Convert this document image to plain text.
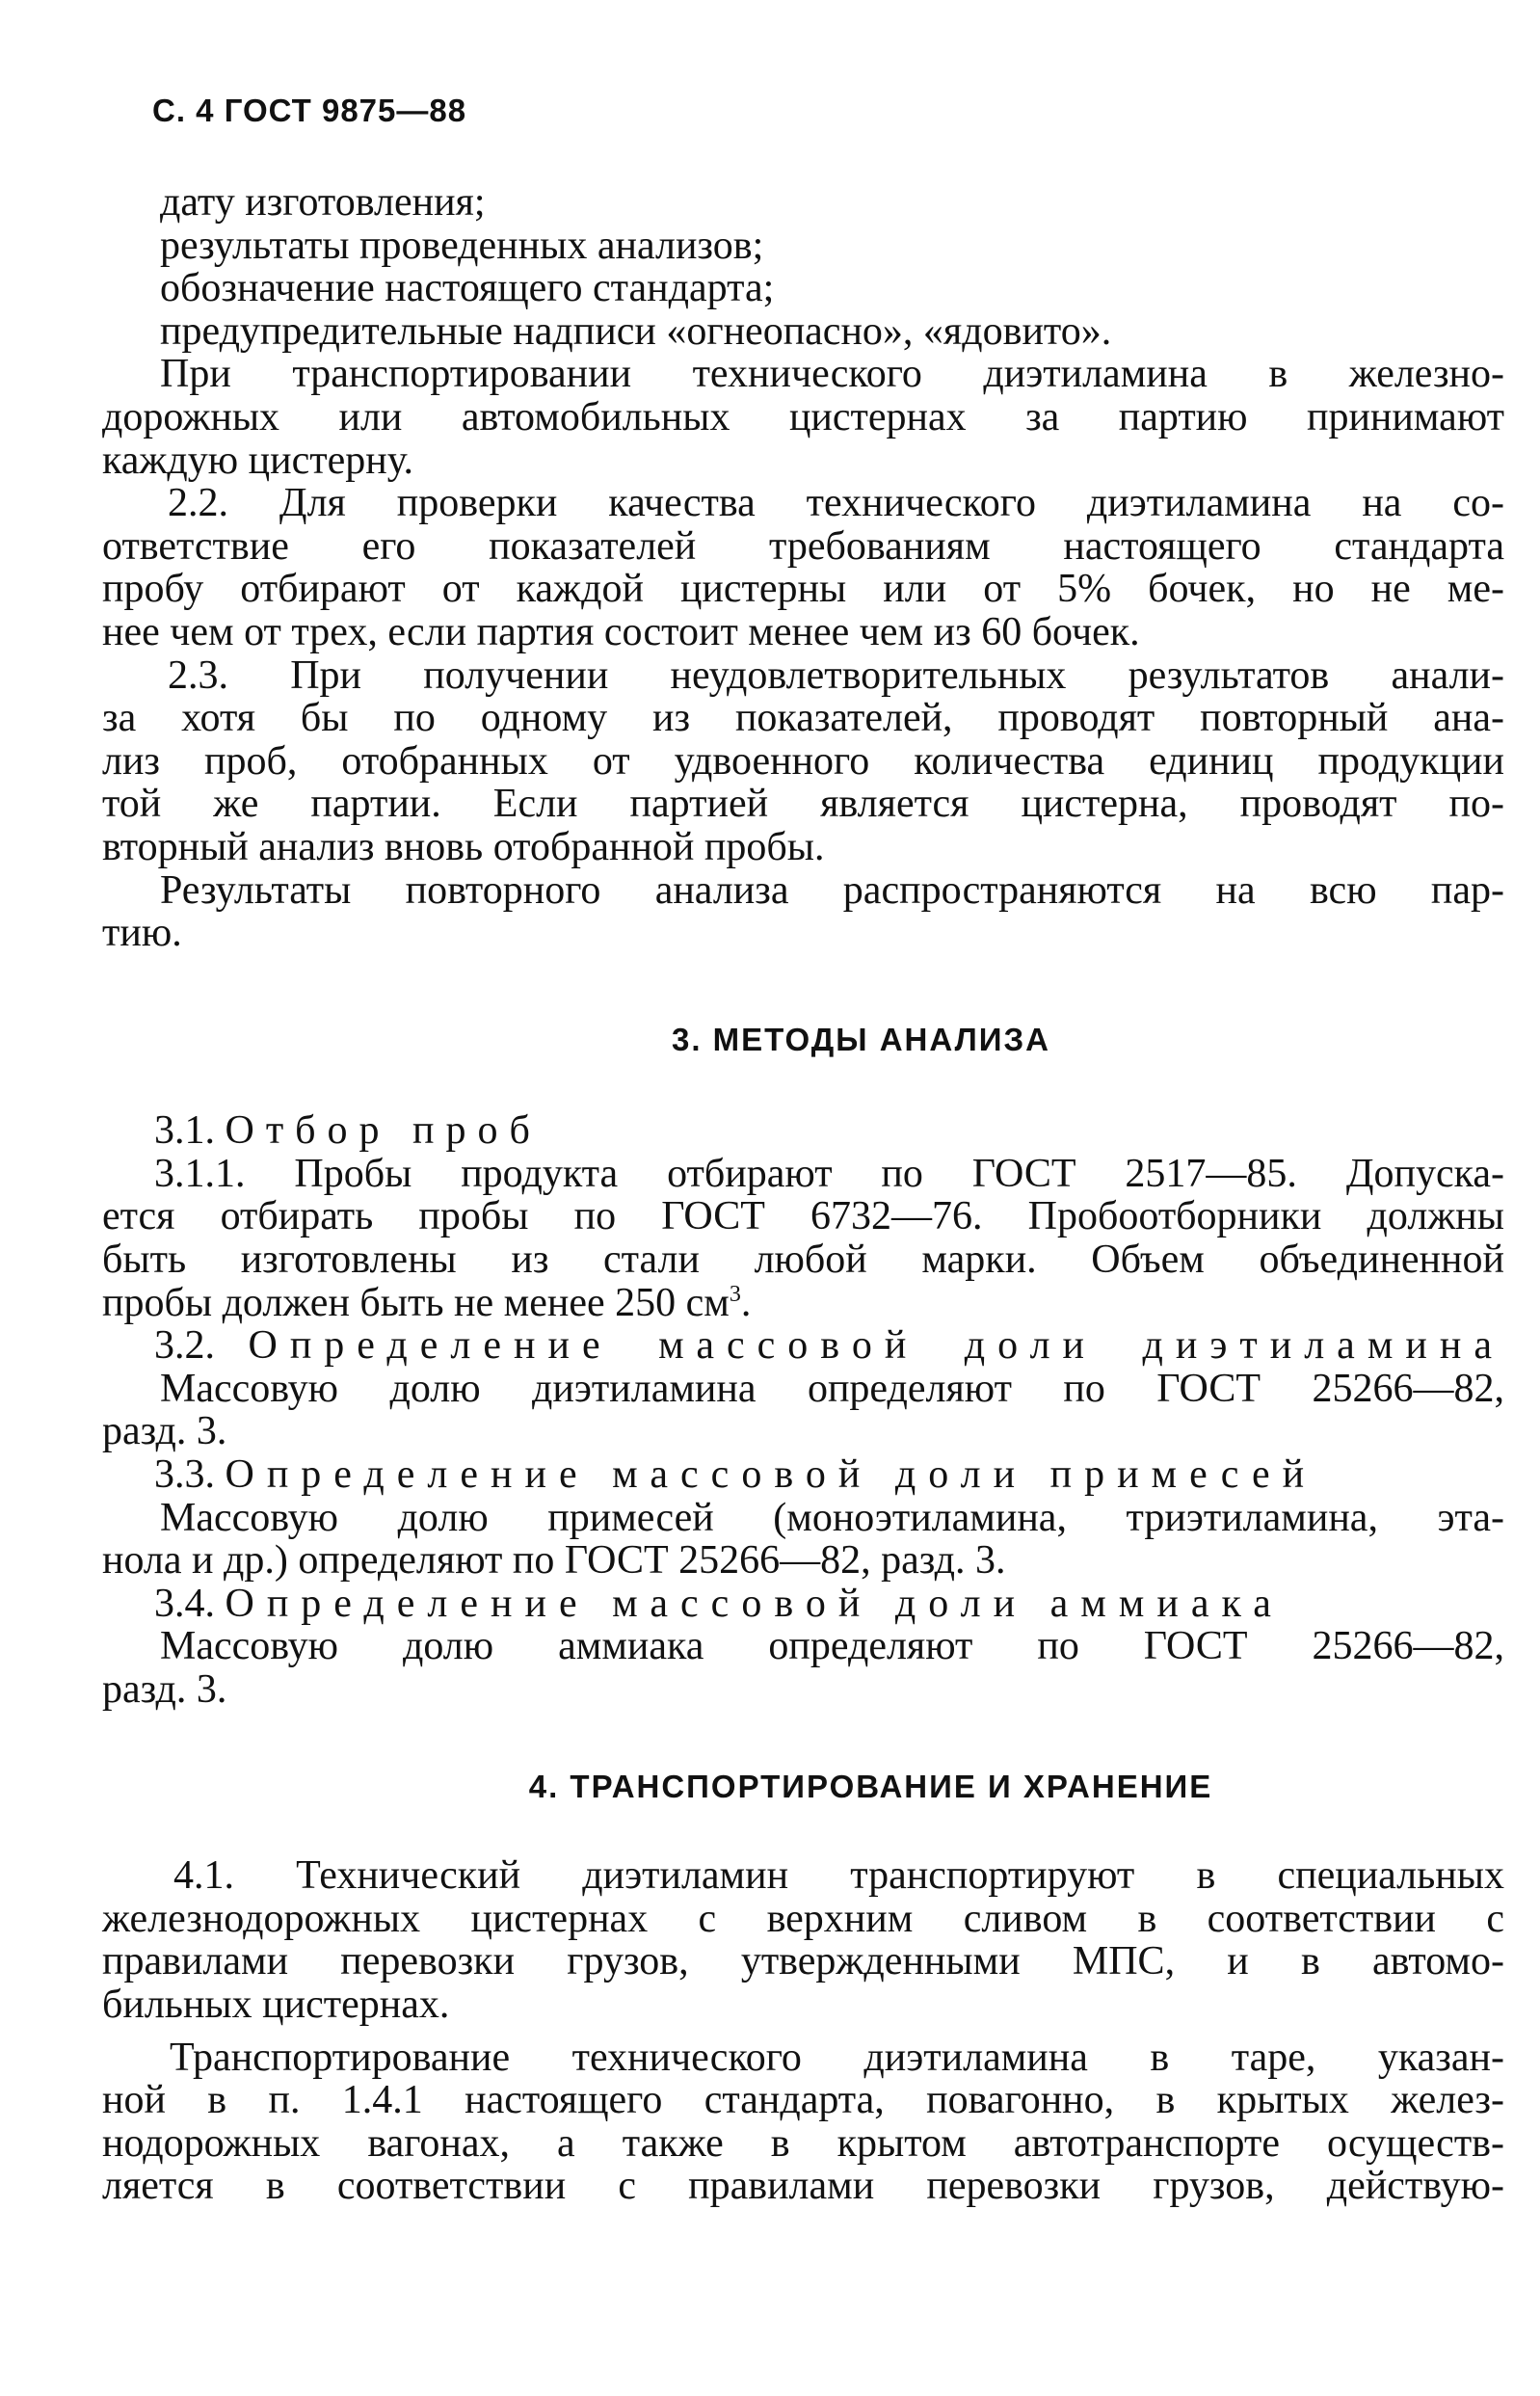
С. 4 ГОСТ 9875—88
дату изготовления;
результаты проведенных анализов;
обозначение настоящего стандарта;
предупредительные надписи «огнеопасно», «ядовито».
При транспортировании технического диэтиламина в железно-
дорожных или автомобильных цистернах за партию принимают
каждую цистерну.
2.2. Для проверки качества технического диэтиламина на со-
ответствие его показателей требованиям настоящего стандарта
пробу отбирают от каждой цистерны или от 5% бочек, но не ме-
нее чем от трех, если партия состоит менее чем из 60 бочек.
2.3. При получении неудовлетворительных результатов анали-
за хотя бы по одному из показателей, проводят повторный ана-
лиз проб, отобранных от удвоенного количества единиц продукции
той же партии. Если партией является цистерна, проводят по-
вторный анализ вновь отобранной пробы.
Результаты повторного анализа распространяются на всю пар-
тию.
3. МЕТОДЫ АНАЛИЗА
3.1. Отбор проб
3.1.1. Пробы продукта отбирают по ГОСТ 2517—85. Допуска-
ется отбирать пробы по ГОСТ 6732—76. Пробоотборники должны
быть изготовлены из стали любой марки. Объем объединенной
пробы должен быть не менее 250 $см^3$.
3.2. Определение массовой доли диэтиламина
Массовую долю диэтиламина определяют по ГОСТ 25266—82,
разд. 3.
3.3. Определение массовой доли примесей
Массовую долю примесей (моноэтиламина, триэтиламина, эта-
нола и др.) определяют по ГОСТ 25266—82, разд. 3.
3.4. Определение массовой доли аммиака
Массовую долю аммиака определяют по ГОСТ 25266—82,
разд. 3.
4. ТРАНСПОРТИРОВАНИЕ И ХРАНЕНИЕ
4.1. Технический диэтиламин транспортируют в специальных
железнодорожных цистернах с верхним сливом в соответствии с
правилами перевозки грузов, утвержденными МПС, и в автомо-
бильных цистернах.
Транспортирование технического диэтиламина в таре, указан-
ной в п. 1.4.1 настоящего стандарта, повагонно, в крытых желез-
нодорожных вагонах, а также в крытом автотранспорте осуществ-
ляется в соответствии с правилами перевозки грузов, действую-
